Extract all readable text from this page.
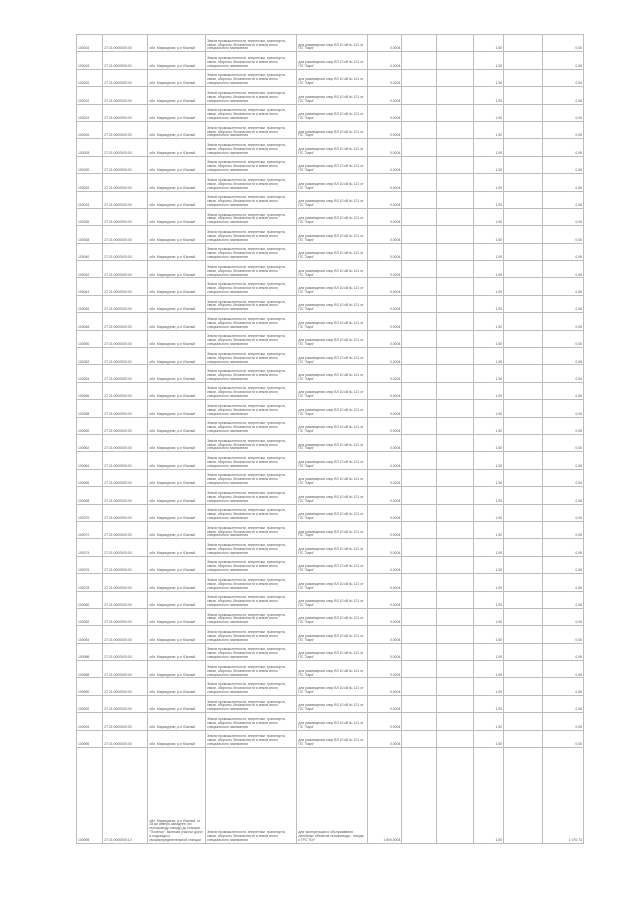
100016	27:21:0000000:00	обл. Марикурган, р-н Южный	Земли промышленности, энергетики, транспорта, связи, обороны, безопасности и земли иного специального назначения	для размещения опор ВЛ 10 кВ № 121 от ПС "Заря"	0,0004			1,50		0,06
100018	27:21:0000000:00	обл. Марикурган, р-н Южный	Земли промышленности, энергетики, транспорта, связи, обороны, безопасности и земли иного специального назначения	для размещения опор ВЛ 10 кВ № 121 от ПС "Заря"	0,0004			1,50		0,06
100020	27:21:0000000:00	обл. Марикурган, р-н Южный	Земли промышленности, энергетики, транспорта, связи, обороны, безопасности и земли иного специального назначения	для размещения опор ВЛ 10 кВ № 121 от ПС "Заря"	0,0004			1,50		0,06
100022	27:21:0000000:00	обл. Марикурган, р-н Южный	Земли промышленности, энергетики, транспорта, связи, обороны, безопасности и земли иного специального назначения	для размещения опор ВЛ 10 кВ № 121 от ПС "Заря"	0,0004			1,50		0,06
100024	27:21:0000000:00	обл. Марикурган, р-н Южный	Земли промышленности, энергетики, транспорта, связи, обороны, безопасности и земли иного специального назначения	для размещения опор ВЛ 10 кВ № 121 от ПС "Заря"	0,0004			1,50		0,06
100026	27:21:0000000:00	обл. Марикурган, р-н Южный	Земли промышленности, энергетики, транспорта, связи, обороны, безопасности и земли иного специального назначения	для размещения опор ВЛ 10 кВ № 121 от ПС "Заря"	0,0004			1,50		0,06
100028	27:21:0000000:00	обл. Марикурган, р-н Южный	Земли промышленности, энергетики, транспорта, связи, обороны, безопасности и земли иного специального назначения	для размещения опор ВЛ 10 кВ № 121 от ПС "Заря"	0,0004			1,50		0,06
100030	27:21:0000000:00	обл. Марикурган, р-н Южный	Земли промышленности, энергетики, транспорта, связи, обороны, безопасности и земли иного специального назначения	для размещения опор ВЛ 10 кВ № 121 от ПС "Заря"	0,0004			1,50		0,06
100032	27:21:0000000:00	обл. Марикурган, р-н Южный	Земли промышленности, энергетики, транспорта, связи, обороны, безопасности и земли иного специального назначения	для размещения опор ВЛ 10 кВ № 121 от ПС "Заря"	0,0004			1,50		0,06
100034	27:21:0000000:00	обл. Марикурган, р-н Южный	Земли промышленности, энергетики, транспорта, связи, обороны, безопасности и земли иного специального назначения	для размещения опор ВЛ 10 кВ № 121 от ПС "Заря"	0,0004			1,50		0,06
100036	27:21:0000000:00	обл. Марикурган, р-н Южный	Земли промышленности, энергетики, транспорта, связи, обороны, безопасности и земли иного специального назначения	для размещения опор ВЛ 10 кВ № 121 от ПС "Заря"	0,0004			1,50		0,06
100038	27:21:0000000:00	обл. Марикурган, р-н Южный	Земли промышленности, энергетики, транспорта, связи, обороны, безопасности и земли иного специального назначения	для размещения опор ВЛ 10 кВ № 121 от ПС "Заря"	0,0004			1,50		0,06
100040	27:21:0000000:00	обл. Марикурган, р-н Южный	Земли промышленности, энергетики, транспорта, связи, обороны, безопасности и земли иного специального назначения	для размещения опор ВЛ 10 кВ № 121 от ПС "Заря"	0,0004			1,50		0,06
100042	27:21:0000000:00	обл. Марикурган, р-н Южный	Земли промышленности, энергетики, транспорта, связи, обороны, безопасности и земли иного специального назначения	для размещения опор ВЛ 10 кВ № 121 от ПС "Заря"	0,0004			1,50		0,06
100044	27:21:0000000:00	обл. Марикурган, р-н Южный	Земли промышленности, энергетики, транспорта, связи, обороны, безопасности и земли иного специального назначения	для размещения опор ВЛ 10 кВ № 121 от ПС "Заря"	0,0004			1,50		0,06
100046	27:21:0000000:00	обл. Марикурган, р-н Южный	Земли промышленности, энергетики, транспорта, связи, обороны, безопасности и земли иного специального назначения	для размещения опор ВЛ 10 кВ № 121 от ПС "Заря"	0,0004			1,50		0,06
100048	27:21:0000000:00	обл. Марикурган, р-н Южный	Земли промышленности, энергетики, транспорта, связи, обороны, безопасности и земли иного специального назначения	для размещения опор ВЛ 10 кВ № 121 от ПС "Заря"	0,0004			1,50		0,06
100050	27:21:0000000:00	обл. Марикурган, р-н Южный	Земли промышленности, энергетики, транспорта, связи, обороны, безопасности и земли иного специального назначения	для размещения опор ВЛ 10 кВ № 121 от ПС "Заря"	0,0004			1,50		0,06
100052	27:21:0000000:00	обл. Марикурган, р-н Южный	Земли промышленности, энергетики, транспорта, связи, обороны, безопасности и земли иного специального назначения	для размещения опор ВЛ 10 кВ № 121 от ПС "Заря"	0,0004			1,50		0,06
100054	27:21:0000000:00	обл. Марикурган, р-н Южный	Земли промышленности, энергетики, транспорта, связи, обороны, безопасности и земли иного специального назначения	для размещения опор ВЛ 10 кВ № 121 от ПС "Заря"	0,0004			1,50		0,06
100056	27:21:0000000:00	обл. Марикурган, р-н Южный	Земли промышленности, энергетики, транспорта, связи, обороны, безопасности и земли иного специального назначения	для размещения опор ВЛ 10 кВ № 121 от ПС "Заря"	0,0004			1,50		0,06
100058	27:21:0000000:00	обл. Марикурган, р-н Южный	Земли промышленности, энергетики, транспорта, связи, обороны, безопасности и земли иного специального назначения	для размещения опор ВЛ 10 кВ № 121 от ПС "Заря"	0,0004			1,50		0,06
100060	27:21:0000000:00	обл. Марикурган, р-н Южный	Земли промышленности, энергетики, транспорта, связи, обороны, безопасности и земли иного специального назначения	для размещения опор ВЛ 10 кВ № 121 от ПС "Заря"	0,0004			1,50		0,06
100062	27:21:0000000:00	обл. Марикурган, р-н Южный	Земли промышленности, энергетики, транспорта, связи, обороны, безопасности и земли иного специального назначения	для размещения опор ВЛ 10 кВ № 121 от ПС "Заря"	0,0004			1,50		0,06
100064	27:21:0000000:00	обл. Марикурган, р-н Южный	Земли промышленности, энергетики, транспорта, связи, обороны, безопасности и земли иного специального назначения	для размещения опор ВЛ 10 кВ № 121 от ПС "Заря"	0,0004			1,50		0,06
100066	27:21:0000000:00	обл. Марикурган, р-н Южный	Земли промышленности, энергетики, транспорта, связи, обороны, безопасности и земли иного специального назначения	для размещения опор ВЛ 10 кВ № 121 от ПС "Заря"	0,0004			1,50		0,06
100068	27:21:0000000:00	обл. Марикурган, р-н Южный	Земли промышленности, энергетики, транспорта, связи, обороны, безопасности и земли иного специального назначения	для размещения опор ВЛ 10 кВ № 121 от ПС "Заря"	0,0004			1,50		0,06
100070	27:21:0000000:00	обл. Марикурган, р-н Южный	Земли промышленности, энергетики, транспорта, связи, обороны, безопасности и земли иного специального назначения	для размещения опор ВЛ 10 кВ № 121 от ПС "Заря"	0,0004			1,50		0,06
100072	27:21:0000000:00	обл. Марикурган, р-н Южный	Земли промышленности, энергетики, транспорта, связи, обороны, безопасности и земли иного специального назначения	для размещения опор ВЛ 10 кВ № 121 от ПС "Заря"	0,0004			1,50		0,06
100074	27:21:0000000:00	обл. Марикурган, р-н Южный	Земли промышленности, энергетики, транспорта, связи, обороны, безопасности и земли иного специального назначения	для размещения опор ВЛ 10 кВ № 121 от ПС "Заря"	0,0004			1,50		0,06
100076	27:21:0000000:00	обл. Марикурган, р-н Южный	Земли промышленности, энергетики, транспорта, связи, обороны, безопасности и земли иного специального назначения	для размещения опор ВЛ 10 кВ № 121 от ПС "Заря"	0,0004			1,50		0,06
100078	27:21:0000000:00	обл. Марикурган, р-н Южный	Земли промышленности, энергетики, транспорта, связи, обороны, безопасности и земли иного специального назначения	для размещения опор ВЛ 10 кВ № 121 от ПС "Заря"	0,0004			1,50		0,06
100080	27:21:0000000:00	обл. Марикурган, р-н Южный	Земли промышленности, энергетики, транспорта, связи, обороны, безопасности и земли иного специального назначения	для размещения опор ВЛ 10 кВ № 121 от ПС "Заря"	0,0004			1,50		0,06
100082	27:21:0000000:00	обл. Марикурган, р-н Южный	Земли промышленности, энергетики, транспорта, связи, обороны, безопасности и земли иного специального назначения	для размещения опор ВЛ 10 кВ № 121 от ПС "Заря"	0,0004			1,50		0,06
100084	27:21:0000000:00	обл. Марикурган, р-н Южный	Земли промышленности, энергетики, транспорта, связи, обороны, безопасности и земли иного специального назначения	для размещения опор ВЛ 10 кВ № 121 от ПС "Заря"	0,0004			1,50		0,06
100086	27:21:0000000:00	обл. Марикурган, р-н Южный	Земли промышленности, энергетики, транспорта, связи, обороны, безопасности и земли иного специального назначения	для размещения опор ВЛ 10 кВ № 121 от ПС "Заря"	0,0004			1,50		0,06
100088	27:21:0000000:00	обл. Марикурган, р-н Южный	Земли промышленности, энергетики, транспорта, связи, обороны, безопасности и земли иного специального назначения	для размещения опор ВЛ 10 кВ № 121 от ПС "Заря"	0,0004			1,50		0,06
100090	27:21:0000000:00	обл. Марикурган, р-н Южный	Земли промышленности, энергетики, транспорта, связи, обороны, безопасности и земли иного специального назначения	для размещения опор ВЛ 10 кВ № 121 от ПС "Заря"	0,0004			1,50		0,06
100092	27:21:0000000:00	обл. Марикурган, р-н Южный	Земли промышленности, энергетики, транспорта, связи, обороны, безопасности и земли иного специального назначения	для размещения опор ВЛ 10 кВ № 121 от ПС "Заря"	0,0004			1,50		0,06
100094	27:21:0000000:00	обл. Марикурган, р-н Южный	Земли промышленности, энергетики, транспорта, связи, обороны, безопасности и земли иного специального назначения	для размещения опор ВЛ 10 кВ № 121 от ПС "Заря"	0,0004			1,50		0,06
100096	27:21:0000000:00	обл. Марикурган, р-н Южный	Земли промышленности, энергетики, транспорта, связи, обороны, безопасности и земли иного специального назначения	для размещения опор ВЛ 10 кВ № 121 от ПС "Заря"	0,0004			1,50		0,06
100098	27:21:0000000:10	обл. Марикурган, р-н Южный, от 28 км северо-западнее (по газопроводу-отводу) до станции "Поселок", включая участки дорог и подъезды к газораспределительной станции	Земли промышленности, энергетики, транспорта, связи, обороны, безопасности и земли иного специального назначения	для эксплуатации и обслуживания линейных объектов газопровода - отвода к ГРС "Юг"	1 600,0004			1,50		1 070,73
